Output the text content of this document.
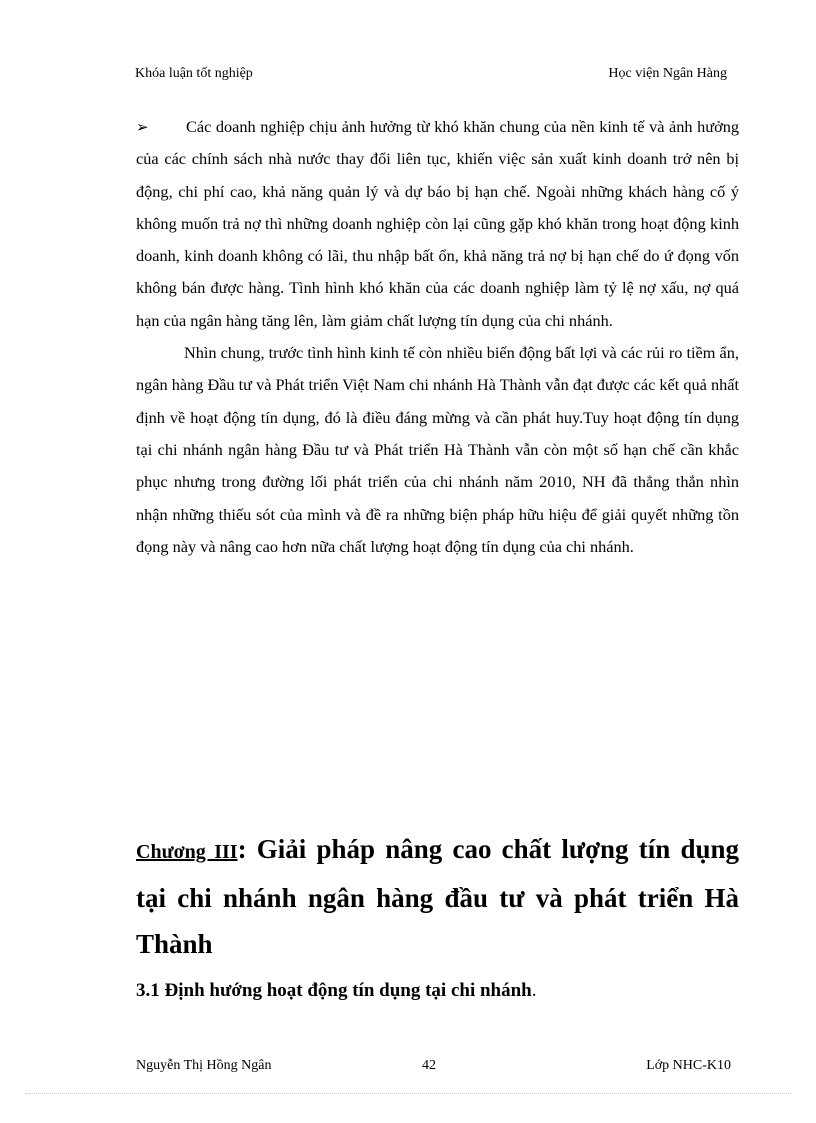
Khóa luận tốt nghiệp	Học viện Ngân Hàng

➢ Các doanh nghiệp chịu ảnh hưởng từ khó khăn chung của nền kinh tế và ảnh hưởng của các chính sách nhà nước thay đổi liên tục, khiến việc sản xuất kinh doanh trở nên bị động, chi phí cao, khả năng quản lý và dự báo bị hạn chế. Ngoài những khách hàng cố ý không muốn trả nợ thì những doanh nghiệp còn lại cũng gặp khó khăn trong hoạt động kinh doanh, kinh doanh không có lãi, thu nhập bất ổn, khả năng trả nợ bị hạn chế do ứ đọng vốn không bán được hàng. Tình hình khó khăn của các doanh nghiệp làm tỷ lệ nợ xấu, nợ quá hạn của ngân hàng tăng lên, làm giảm chất lượng tín dụng của chi nhánh.

Nhìn chung, trước tình hình kinh tế còn nhiều biến động bất lợi và các rủi ro tiềm ẩn, ngân hàng Đầu tư và Phát triển Việt Nam chi nhánh Hà Thành vẫn đạt được các kết quả nhất định về hoạt động tín dụng, đó là điều đáng mừng và cần phát huy.Tuy hoạt động tín dụng tại chi nhánh ngân hàng Đầu tư và Phát triển Hà Thành vẫn còn một số hạn chế cần khắc phục nhưng trong đường lối phát triển của chi nhánh năm 2010, NH đã thẳng thắn nhìn nhận những thiếu sót của mình và đề ra những biện pháp hữu hiệu để giải quyết những tồn đọng này và nâng cao hơn nữa chất lượng hoạt động tín dụng của chi nhánh.

Chương III: Giải pháp nâng cao chất lượng tín dụng tại chi nhánh ngân hàng đầu tư và phát triển Hà Thành
3.1 Định hướng hoạt động tín dụng tại chi nhánh.
Nguyễn Thị Hồng Ngân	42	Lớp NHC-K10
